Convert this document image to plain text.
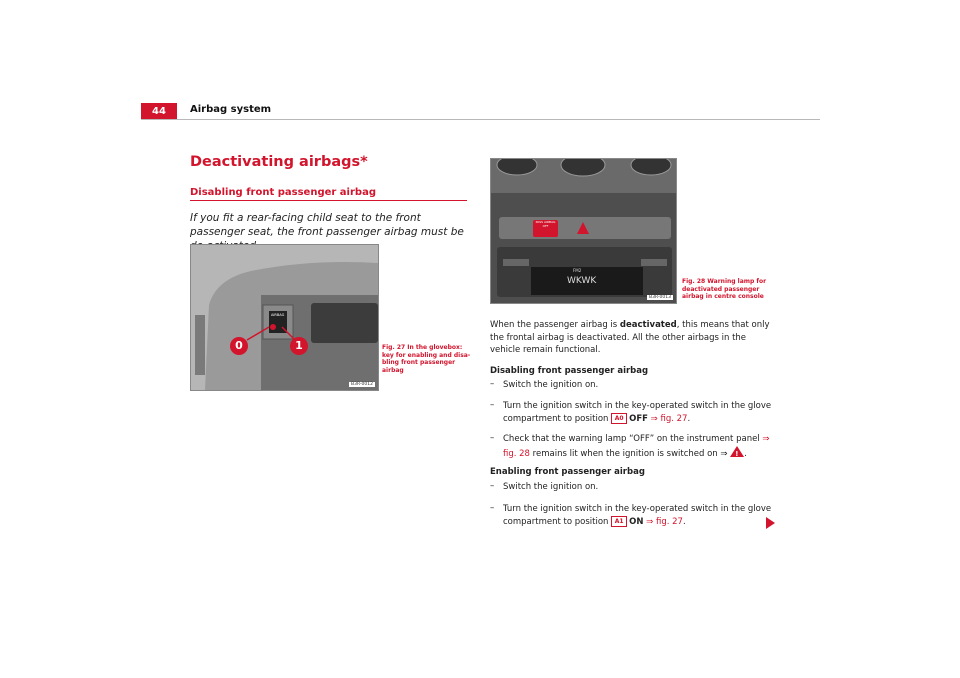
44	Airbag system
Deactivating airbags*
Disabling front passenger airbag
If you fit a rear-facing child seat to the front passenger seat, the front passenger airbag must be
AIRBAG
0	1
B3R-0012
Fig. 27 In the glovebox: key for enabling and disa-bling front passenger airbag
PASS AIRBAG OFF
FM2
WKWK
B3R-0013
Fig. 28 Warning lamp for deactivated passenger airbag in centre console
When the passenger airbag is deactivated, this means that only the frontal airbag is deactivated. All the other airbags in the vehicle remain functional.
Disabling front passenger airbag
– Switch the ignition on.
– Turn the ignition switch in the key-operated switch in the glove compartment to position A0 OFF ⇒ fig. 27.
– Check that the warning lamp “OFF” on the instrument panel ⇒ fig. 28 remains lit when the ignition is switched on ⇒ ! .
Enabling front passenger airbag
– Switch the ignition on.
– Turn the ignition switch in the key-operated switch in the glove compartment to position A1 ON ⇒ fig. 27.
